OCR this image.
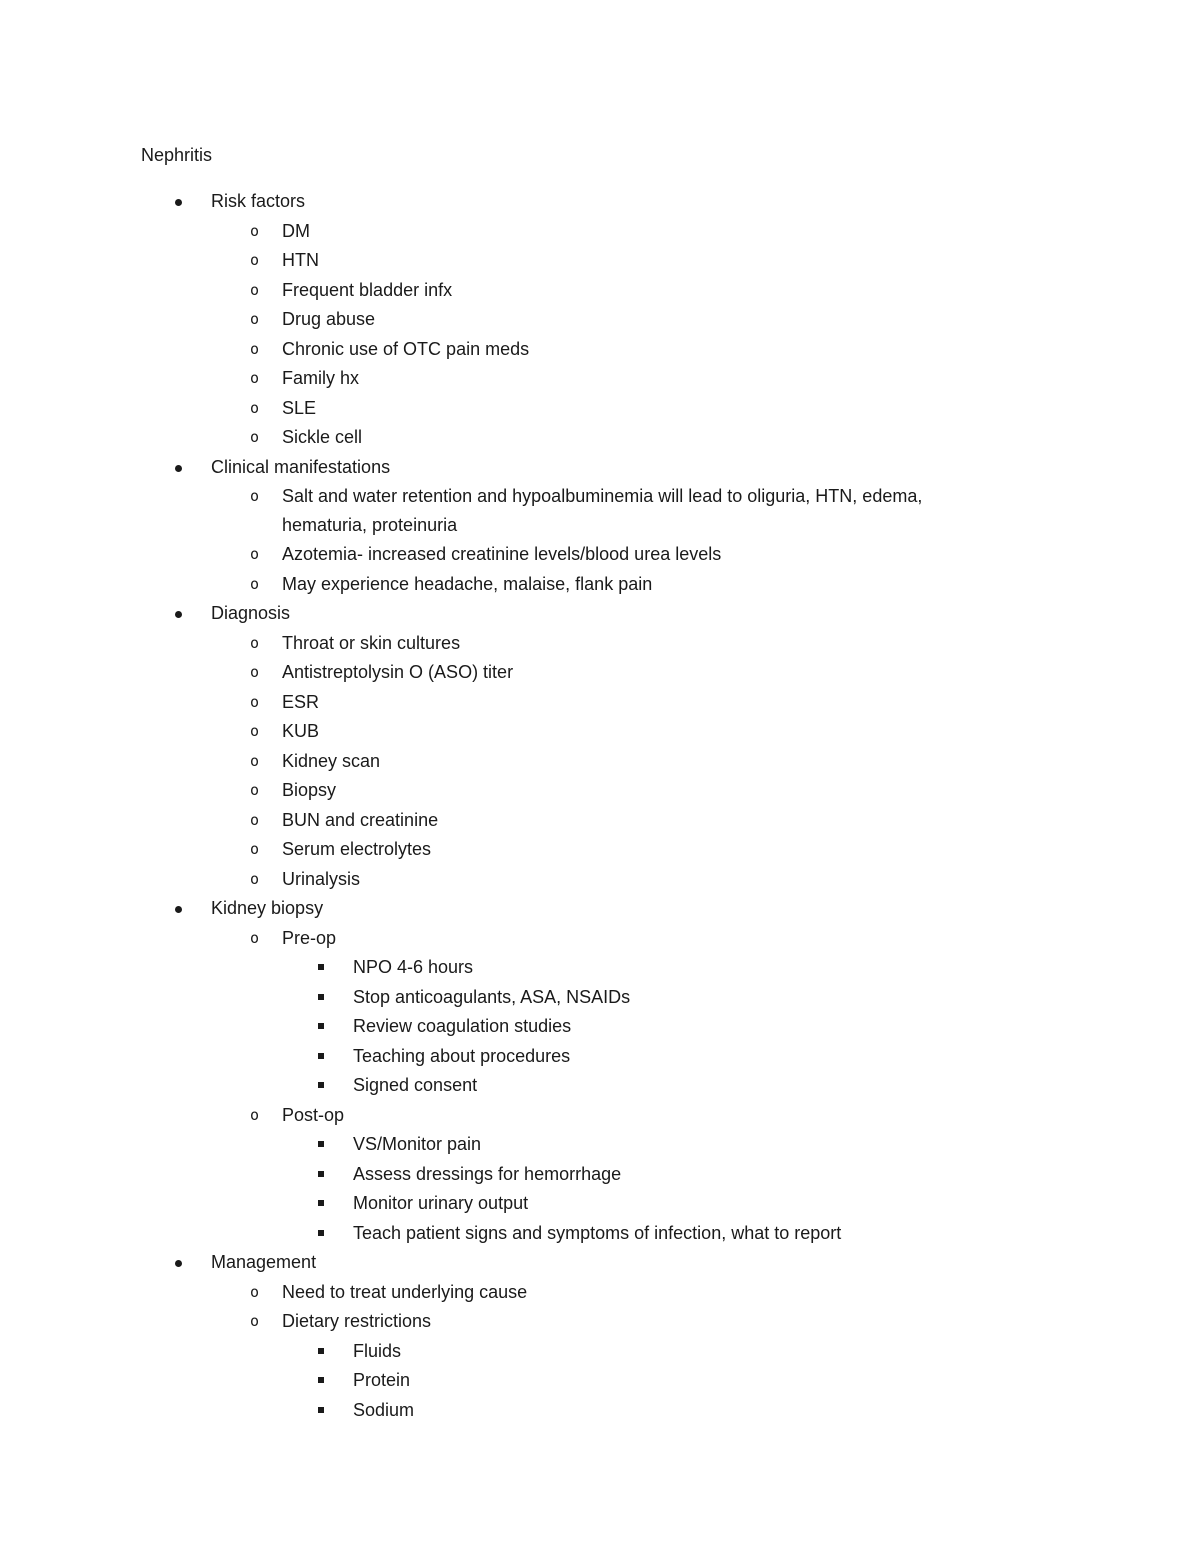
Nephritis
Risk factors
o DM
o HTN
o Frequent bladder infx
o Drug abuse
o Chronic use of OTC pain meds
o Family hx
o SLE
o Sickle cell
Clinical manifestations
o Salt and water retention and hypoalbuminemia will lead to oliguria, HTN, edema,
hematuria, proteinuria
o Azotemia- increased creatinine levels/blood urea levels
o May experience headache, malaise, flank pain
Diagnosis
o Throat or skin cultures
o Antistreptolysin O (ASO) titer
o ESR
o KUB
o Kidney scan
o Biopsy
o BUN and creatinine
o Serum electrolytes
o Urinalysis
Kidney biopsy
o Pre-op
NPO 4-6 hours
Stop anticoagulants, ASA, NSAIDs
Review coagulation studies
Teaching about procedures
Signed consent
o Post-op
VS/Monitor pain
Assess dressings for hemorrhage
Monitor urinary output
Teach patient signs and symptoms of infection, what to report
Management
o Need to treat underlying cause
o Dietary restrictions
Fluids
Protein
Sodium
